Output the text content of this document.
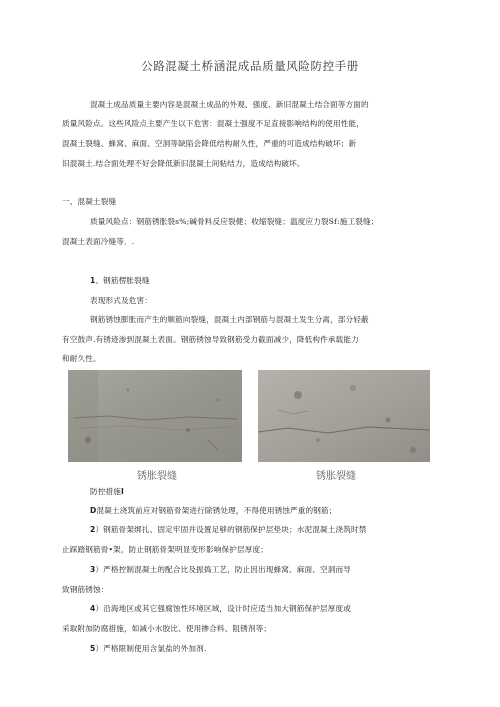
公路混凝土桥涵混成品质量风险防控手册
混凝土成品质量主要内容是混凝土成品的外观、强度、新旧混凝土结合面等方面的
质量风险点。这些风险点主要产生以下危害：混凝土强度不足直接影响结构的使用性能，
混凝土裂缝、蜂窝、麻面、空洞等缺陷会降低结构耐久性，严重的可造成结构破坏；新
旧混凝土.结合面处理不好会降低新旧混凝土间粘结力，造成结构破坏。
一、混凝土裂缝
质量风险点：钢筋锈胀裂s%;碱骨料反应裂健；收缩裂缝；温度应力裂Sf:施工裂缝；
混凝土表面冷缝等．.
1、钢筋楞胀裂缝
表现形式及危害：
钢筋锈蚀膨胀而产生的顺筋向裂缝，混凝土内部钢筋与混凝土发生分离，部分轻蔽
有空鼓声.有锈迹渗到混凝土表面。钢筋锈蚀导致钢筋受力截面减少，降低构件承载能力
和耐久性。
锈胀裂缝	锈胀裂缝
防控措施I
D混凝土浇筑前应对钢筋骨架进行除锈处理，不得使用锈蚀严重的钢筋；
2）钢筋骨架绑扎、固定牢固并设置足够的钢筋保护层垫块；水泥混凝土浇筑时禁
止踩踏钢筋骨•架，防止钢筋骨架明显变形影响保护层厚度；
3）严格控制混凝土的配合比及振捣工艺，防止因出现蜂窝、麻面、空洞而导
致钢筋锈蚀：
4）沿海地区或其它强腐蚀性环境区域，设计时应适当加大钢筋保护层厚度或
采取附加防腐措施，如减小水胶比、使用掺合料、阻锈剂等；
5）严格限制使用含氯盐的外加剂.
